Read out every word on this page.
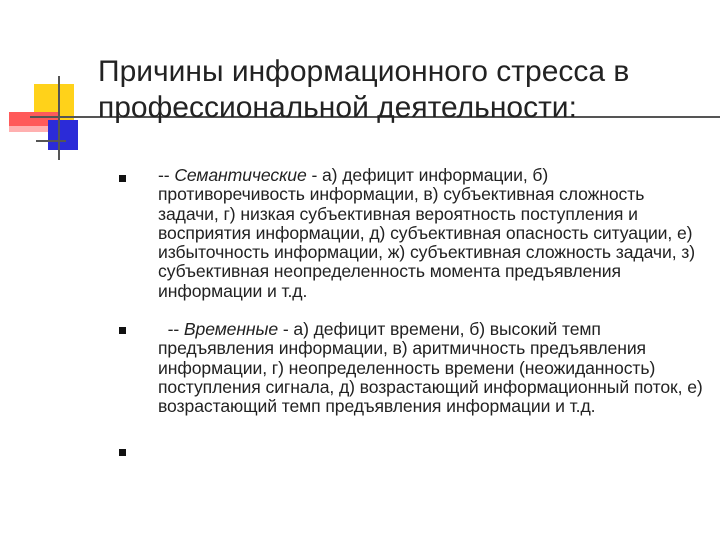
Причины информационного стресса в
профессиональной деятельности:
-- Семантические - а) дефицит информации, б) противоречивость информации, в) субъективная сложность задачи, г) низкая субъективная вероятность поступления и восприятия информации, д) субъективная опасность ситуации, е) избыточность информации, ж) субъективная сложность задачи, з) субъективная неопределенность момента предъявления информации и т.д.
-- Временные - а) дефицит времени, б) высокий темп предъявления информации, в) аритмичность предъявления информации, г) неопределенность времени (неожиданность) поступления сигнала, д) возрастающий информационный поток, е) возрастающий темп предъявления информации и т.д.
